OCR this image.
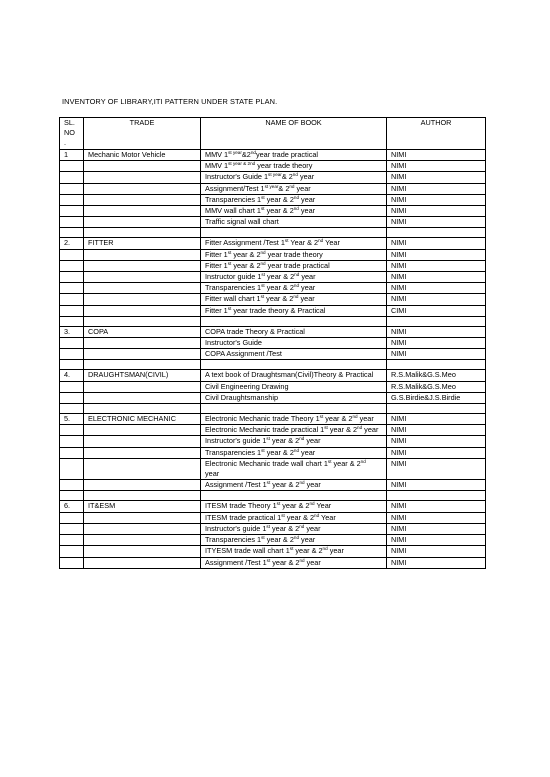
INVENTORY OF LIBRARY,ITI PATTERN UNDER STATE PLAN.
SL.
NO
.	TRADE	NAME OF BOOK	AUTHOR
1	Mechanic Motor Vehicle	MMV $1^{st year}\&2ndyear$ trade practical	NIMI
		MMV $1^{st year \& 2nd}$ year trade theory	NIMI
		Instructor's Guide $1^{st year}\&$ 2nd year	NIMI
		Assignment/Test $1^{st year}\&$ 2nd year	NIMI
		Transparencies 1st year & 2nd year	NIMI
		MMV wall chart 1st year & 2nd year	NIMI
		Traffic signal wall chart	NIMI

2.	FITTER	Fitter Assignment /Test 1st Year & 2nd Year	NIMI
		Fitter 1st year & 2nd year trade theory	NIMI
		Fitter 1st year & 2nd year trade practical	NIMI
		Instructor guide 1st year & 2nd year	NIMI
		Transparencies 1st year & 2nd year	NIMI
		Fitter wall chart 1st year & 2nd year	NIMI
		Fitter 1st year trade theory & Practical	CIMI

3.	COPA	COPA trade Theory & Practical	NIMI
		Instructor's Guide	NIMI
		COPA Assignment /Test	NIMI

4.	DRAUGHTSMAN(CIVIL)	A text book of Draughtsman(Civil)Theory & Practical	R.S.Malik&G.S.Meo
		Civil Engineering Drawing	R.S.Malik&G.S.Meo
		Civil Draughtsmanship	G.S.Birdie&J.S.Birdie

5.	ELECTRONIC MECHANIC	Electronic Mechanic trade Theory 1st year & 2nd year	NIMI
		Electronic Mechanic trade practical 1st year & 2nd year	NIMI
		Instructor's guide 1st year & 2nd year	NIMI
		Transparencies 1st year & 2nd year	NIMI
		Electronic Mechanic trade wall chart 1st year & 2nd year	NIMI
		Assignment /Test 1st year & 2nd year	NIMI

6.	IT&ESM	ITESM trade Theory 1st year & 2nd Year	NIMI
		ITESM trade practical 1st year & 2nd Year	NIMI
		Instructor's guide 1st year & 2nd year	NIMI
		Transparencies 1st year & 2nd year	NIMI
		ITYESM trade wall chart 1st year & 2nd year	NIMI
		Assignment /Test 1st year & 2nd year	NIMI
